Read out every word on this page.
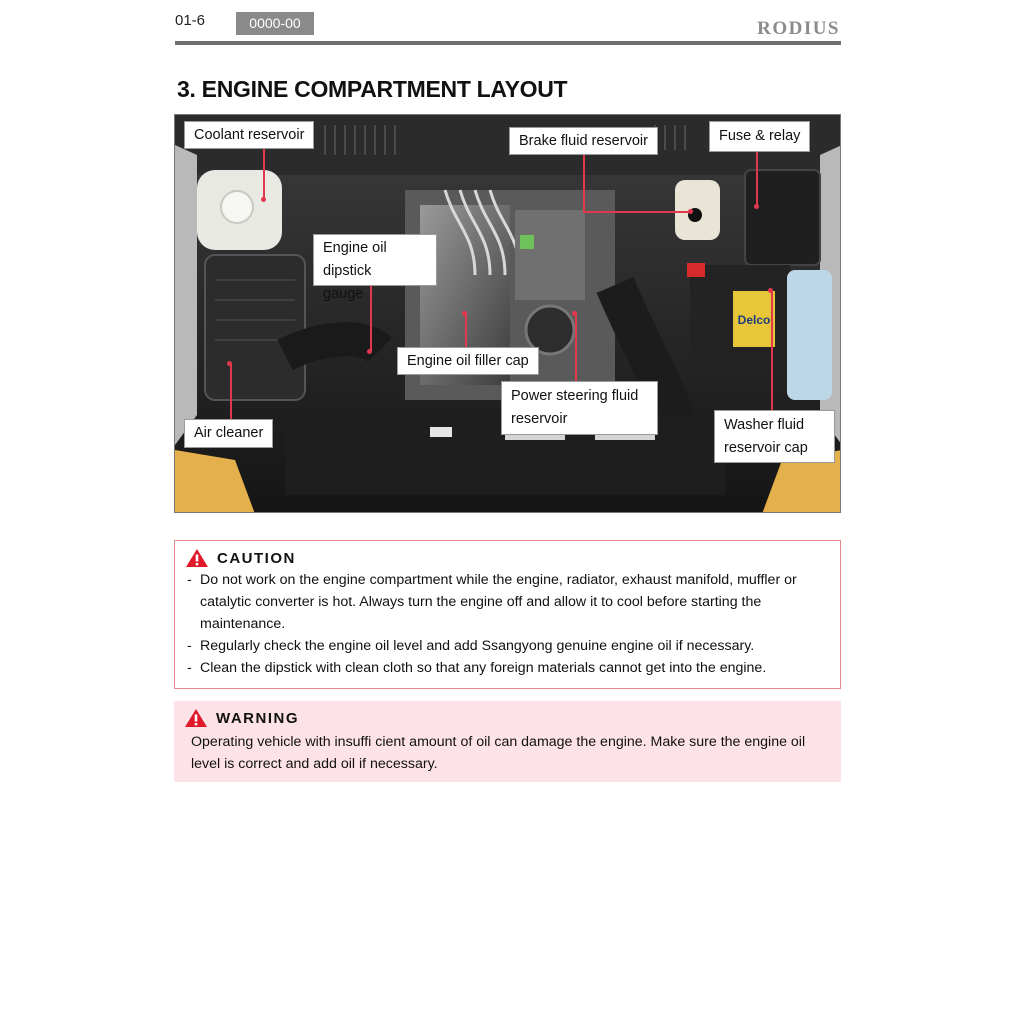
01-6	0000-00	RODIUS
3. ENGINE COMPARTMENT LAYOUT
Delco
Coolant reservoir	Brake fluid reservoir	Fuse & relay
Engine oil dipstick
gauge
Engine oil filler cap
Power steering fluid
reservoir
Air cleaner	Washer fluid
reservoir cap
CAUTION
- Do not work on the engine compartment while the engine, radiator, exhaust manifold, muffler or catalytic converter is hot. Always turn the engine off and allow it to cool before starting the maintenance.
- Regularly check the engine oil level and add Ssangyong genuine engine oil if necessary.
- Clean the dipstick with clean cloth so that any foreign materials cannot get into the engine.
WARNING

Operating vehicle with insuffi cient amount of oil can damage the engine. Make sure the engine oil level is correct and add oil if necessary.
